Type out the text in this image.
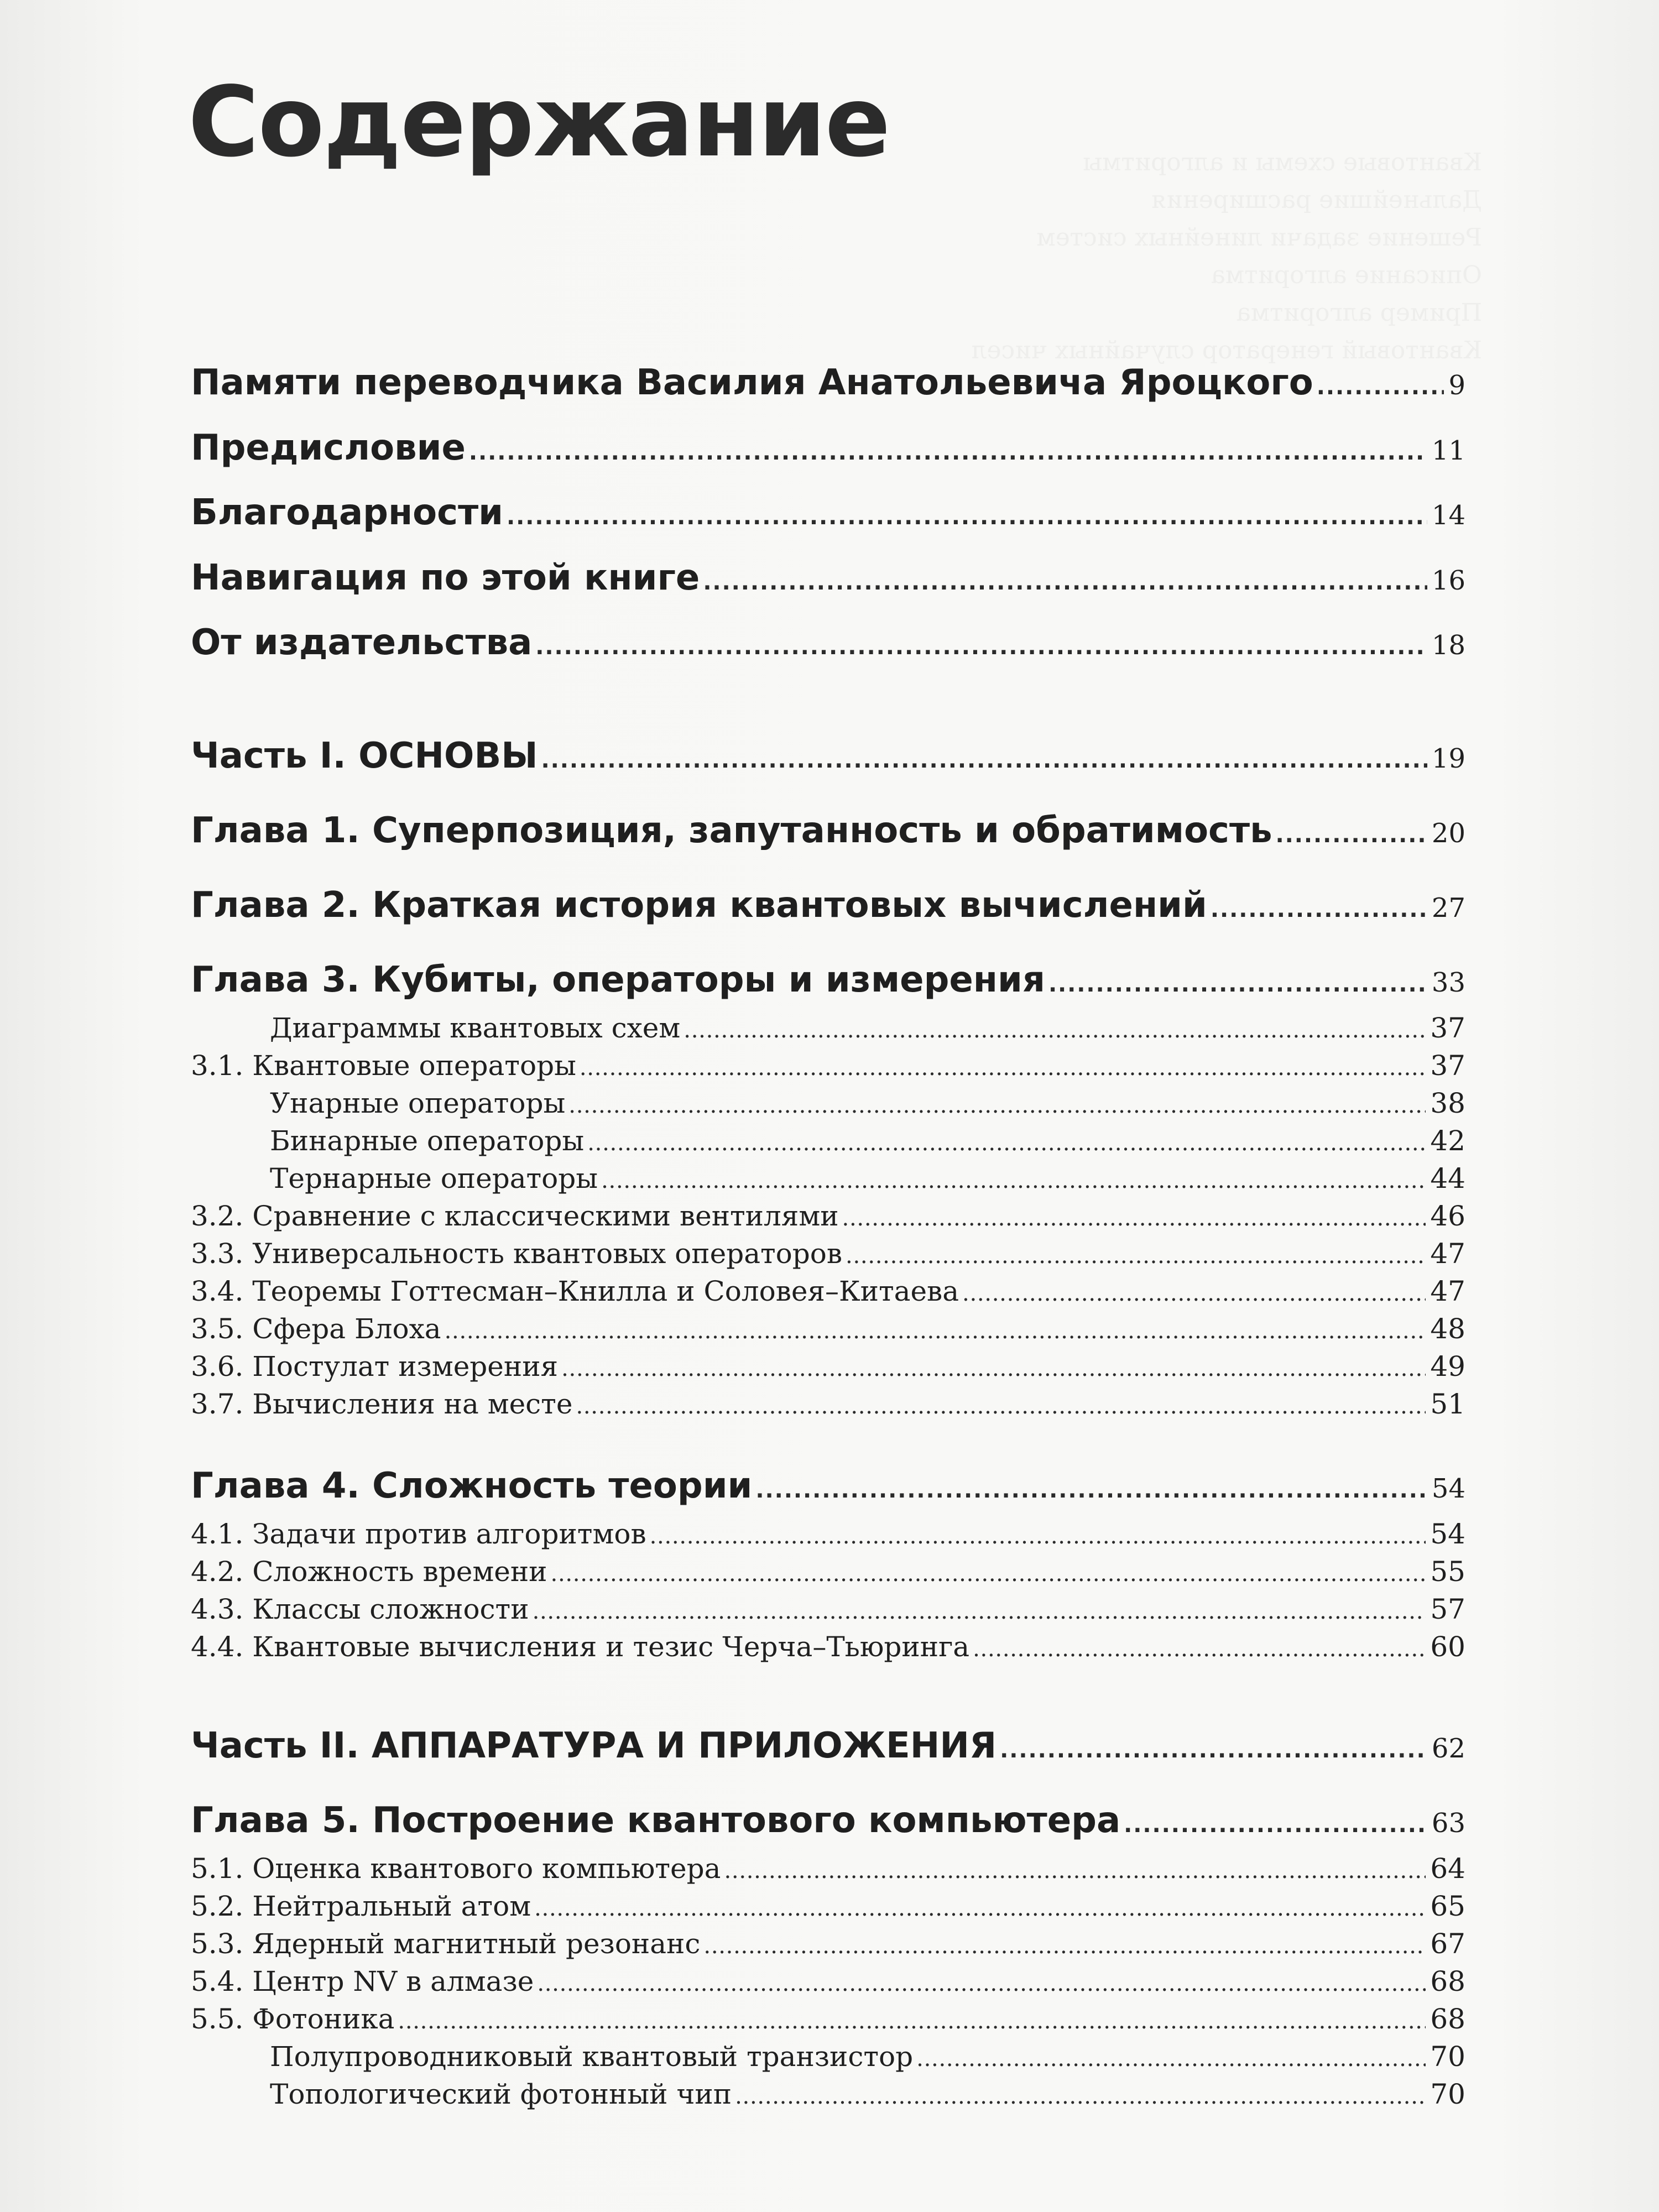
Квантовые схемы и алгоритмы
Дальнейшие расширения
Решение задачи линейных систем
Описание алгоритма
Пример алгоритма
Квантовый генератор случайных чисел
Содержание
Памяти переводчика Василия Анатольевича Яроцкого . . .	9
Предисловие . . .	11
Благодарности . . .	14
Навигация по этой книге . . .	16
От издательства . . .	18
Часть I. ОСНОВЫ . . .	19
Глава 1. Суперпозиция, запутанность и обратимость . . .	20
Глава 2. Краткая история квантовых вычислений . . .	27
Глава 3. Кубиты, операторы и измерения . . .	33
Диаграммы квантовых схем . . .	37
3.1. Квантовые операторы . . .	37
Унарные операторы . . .	38
Бинарные операторы . . .	42
Тернарные операторы . . .	44
3.2. Сравнение с классическими вентилями . . .	46
3.3. Универсальность квантовых операторов . . .	47
3.4. Теоремы Готтесман–Книлла и Соловея–Китаева . . .	47
3.5. Сфера Блоха . . .	48
3.6. Постулат измерения . . .	49
3.7. Вычисления на месте . . .	51
Глава 4. Сложность теории . . .	54
4.1. Задачи против алгоритмов . . .	54
4.2. Сложность времени . . .	55
4.3. Классы сложности . . .	57
4.4. Квантовые вычисления и тезис Черча–Тьюринга . . .	60
Часть II. АППАРАТУРА И ПРИЛОЖЕНИЯ . . .	62
Глава 5. Построение квантового компьютера . . .	63
5.1. Оценка квантового компьютера . . .	64
5.2. Нейтральный атом . . .	65
5.3. Ядерный магнитный резонанс . . .	67
5.4. Центр NV в алмазе . . .	68
5.5. Фотоника . . .	68
Полупроводниковый квантовый транзистор . . .	70
Топологический фотонный чип . . .	70
